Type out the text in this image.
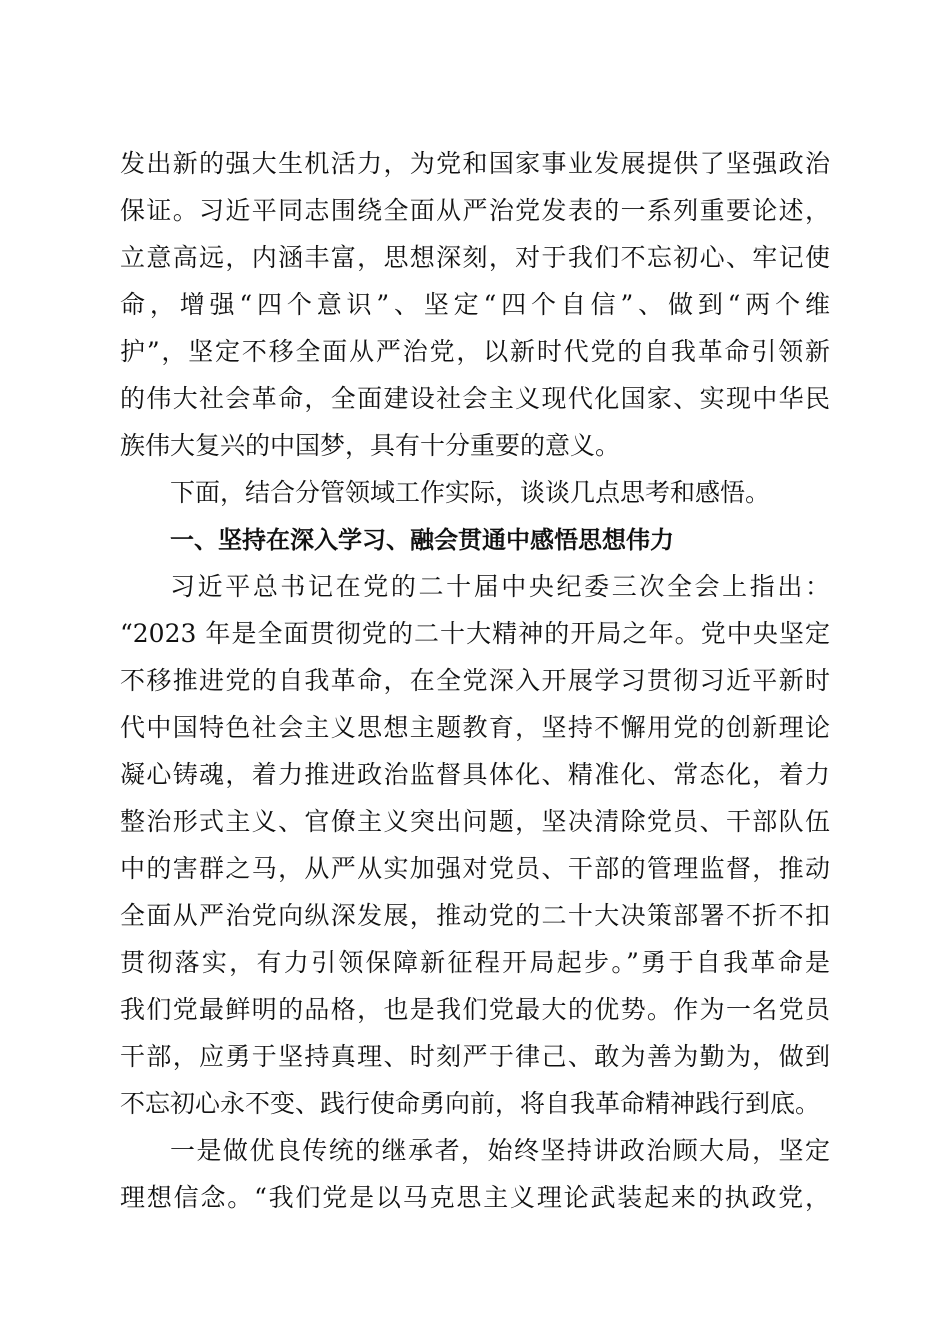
发出新的强大生机活力，为党和国家事业发展提供了坚强政治
保证。习近平同志围绕全面从严治党发表的一系列重要论述，
立意高远，内涵丰富，思想深刻，对于我们不忘初心、牢记使
命，增强“四个意识”、坚定“四个自信”、做到“两个维
护”，坚定不移全面从严治党，以新时代党的自我革命引领新
的伟大社会革命，全面建设社会主义现代化国家、实现中华民
族伟大复兴的中国梦，具有十分重要的意义。
下面，结合分管领域工作实际，谈谈几点思考和感悟。
一、坚持在深入学习、融会贯通中感悟思想伟力
习近平总书记在党的二十届中央纪委三次全会上指出：
“2023 年是全面贯彻党的二十大精神的开局之年。党中央坚定
不移推进党的自我革命，在全党深入开展学习贯彻习近平新时
代中国特色社会主义思想主题教育，坚持不懈用党的创新理论
凝心铸魂，着力推进政治监督具体化、精准化、常态化，着力
整治形式主义、官僚主义突出问题，坚决清除党员、干部队伍
中的害群之马，从严从实加强对党员、干部的管理监督，推动
全面从严治党向纵深发展，推动党的二十大决策部署不折不扣
贯彻落实，有力引领保障新征程开局起步。”勇于自我革命是
我们党最鲜明的品格，也是我们党最大的优势。作为一名党员
干部，应勇于坚持真理、时刻严于律己、敢为善为勤为，做到
不忘初心永不变、践行使命勇向前，将自我革命精神践行到底。
一是做优良传统的继承者，始终坚持讲政治顾大局，坚定
理想信念。“我们党是以马克思主义理论武装起来的执政党，
